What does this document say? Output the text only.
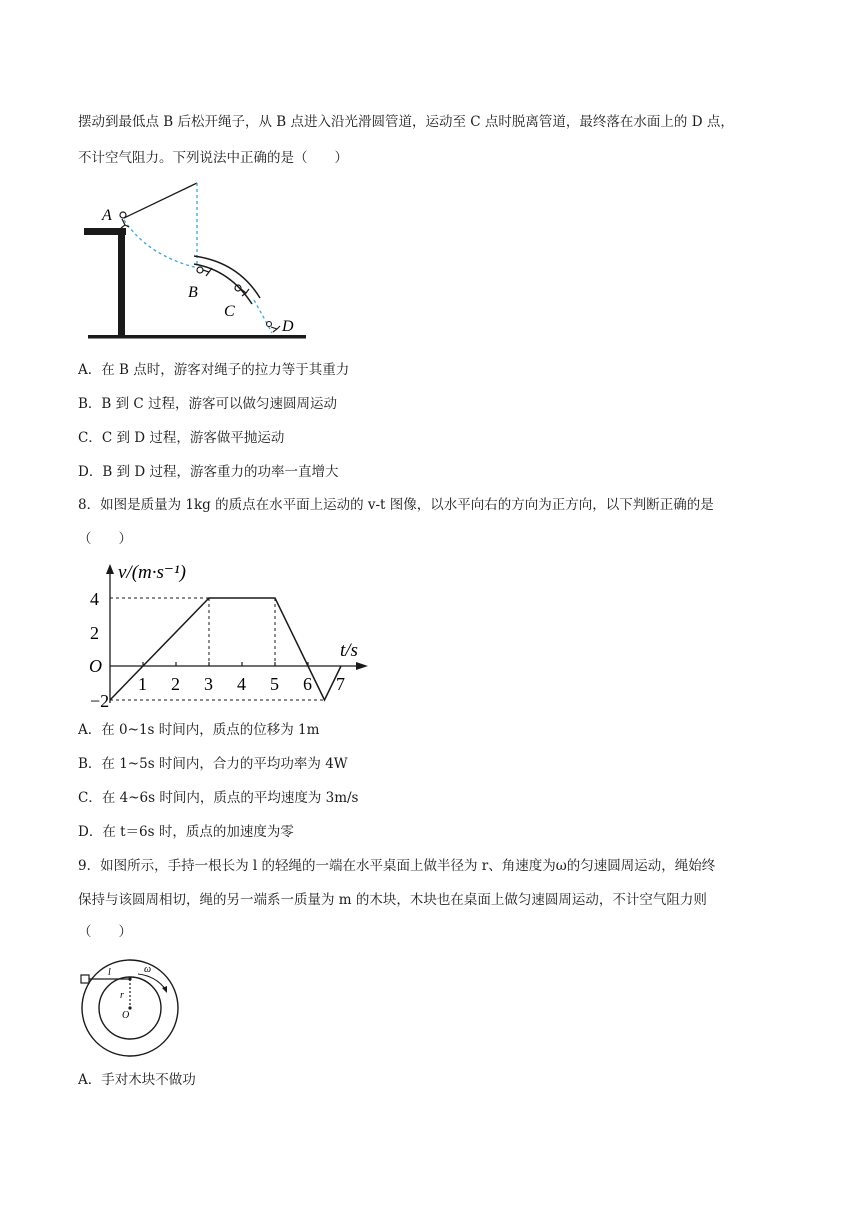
摆动到最低点 B 后松开绳子，从 B 点进入沿光滑圆管道，运动至 C 点时脱离管道，最终落在水面上的 D 点，
不计空气阻力。下列说法中正确的是（　　）
A
B
C
D
A．在 B 点时，游客对绳子的拉力等于其重力
B．B 到 C 过程，游客可以做匀速圆周运动
C．C 到 D 过程，游客做平抛运动
D．B 到 D 过程，游客重力的功率一直增大
8．如图是质量为 1kg 的质点在水平面上运动的 v-t 图像，以水平向右的方向为正方向，以下判断正确的是
（　　）
v/(m·s⁻¹)
t/s
O
4
2
−2
1 2 3 4 5 6 7
A．在 0~1s 时间内，质点的位移为 1m
B．在 1~5s 时间内，合力的平均功率为 4W
C．在 4~6s 时间内，质点的平均速度为 3m/s
D．在 t＝6s 时，质点的加速度为零
9．如图所示，手持一根长为 l 的轻绳的一端在水平桌面上做半径为 r、角速度为ω的匀速圆周运动，绳始终
保持与该圆周相切，绳的另一端系一质量为 m 的木块，木块也在桌面上做匀速圆周运动，不计空气阻力则
（　　）
l	ω
r
O
A．手对木块不做功
